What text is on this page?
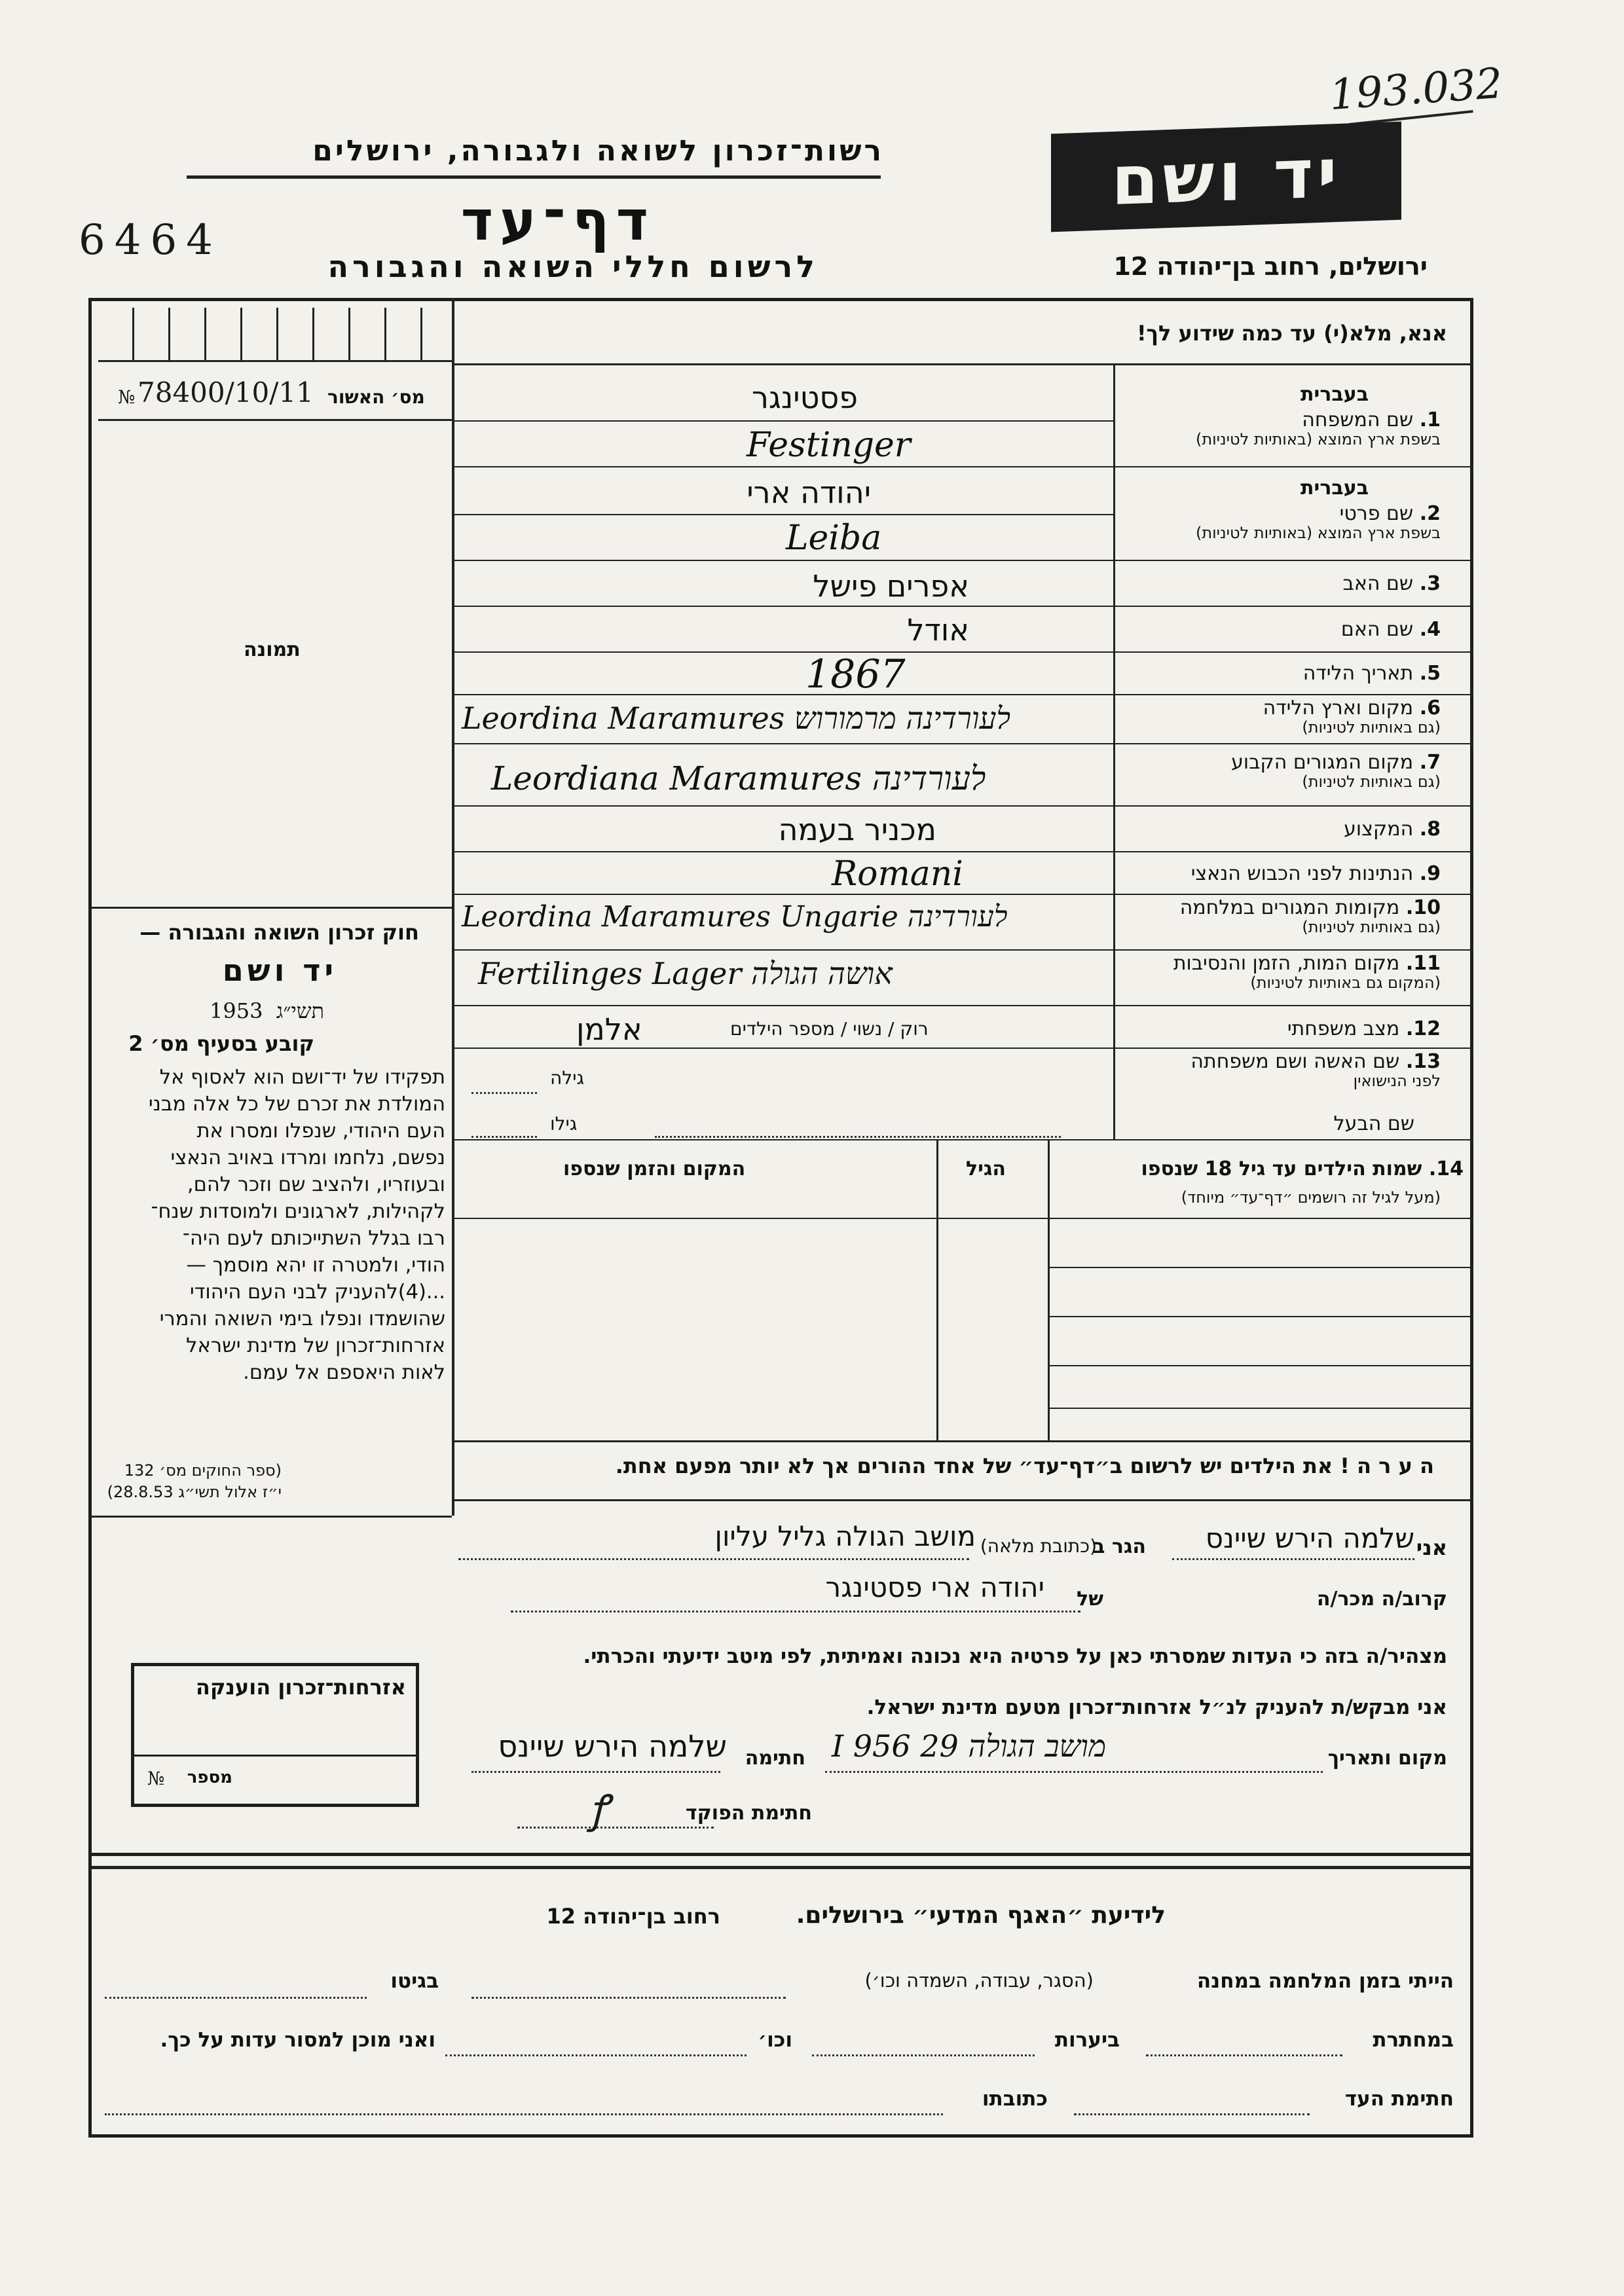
193.032
רשות־זכרון לשואה ולגבורה, ירושלים
דף־עד
6464
לרשום חללי השואה והגבורה
יד ושם
ירושלים, רחוב בן־יהודה 12
אנא, מלא(י) עד כמה שידוע לך!
מס׳ האשור
78400/10/11
№
תמונה
בעברית
1. שם המשפחה
בשפת ארץ המוצא (באותיות לטיניות)
בעברית
2. שם פרטי
בשפת ארץ המוצא (באותיות לטיניות)
3. שם האב
4. שם האם
5. תאריך הלידה
6. מקום וארץ הלידה
(גם באותיות לטיניות)
7. מקום המגורים הקבוע
(גם באותיות לטיניות)
8. המקצוע
9. הנתינות לפני הכבוש הנאצי
10. מקומות המגורים במלחמה
(גם באותיות לטיניות)
11. מקום המות, הזמן והנסיבות
(המקום גם באותיות לטיניות)
12. מצב משפחתי
13. שם האשה ושם משפחתה
לפני הנישואין
שם הבעל
פסטינגר
Festinger
יהודה ארי
Leiba
אפרים פישל
אודל
1867
Leordina Maramures לעורדינה מרמורוש
Leordiana Maramures לעורדינה
מכניר בעמה
Romani
Leordina Maramures Ungarie לעורדינה
Fertilinges Lager אושה הגולה
רוק / נשוי / מספר הילדים
אלמן
גילה
גילו
14. שמות הילדים עד גיל 18 שנספו
(מעל לגיל זה רושמים ״דף־עד״ מיוחד)
הגיל
המקום והזמן שנספו
ה ע ר ה ! את הילדים יש לרשום ב״דף־עד״ של אחד ההורים אך לא יותר מפעם אחת.
חוק זכרון השואה והגבורה —
יד ושם
תשי״ג  1953
קובע בסעיף מס׳ 2
תפקידו של יד־ושם הוא לאסוף אל
המולדת את זכרם של כל אלה מבני
העם היהודי, שנפלו ומסרו את
נפשם, נלחמו ומרדו באויב הנאצי
ובעוזריו, ולהציב שם וזכר להם,
לקהילות, לארגונים ולמוסדות שנח־
רבו בגלל השתייכותם לעם היה־
הודי, ולמטרה זו יהא מוסמך —
...(4)להעניק לבני העם היהודי
שהושמדו ונפלו בימי השואה והמרי
אזרחות־זכרון של מדינת ישראל
לאות היאספם אל עמם.
(ספר החוקים מס׳ 132
י״ז אלול תשי״ג 28.8.53)
אני
שלמה הירש שיינס
הגר ב
(כתובת מלאה)
מושב הגולה גליל עליון
קרוב/ה מכר/ה
של
יהודה ארי פסטינגר
מצהיר/ה בזה כי העדות שמסרתי כאן על פרטיה היא נכונה ואמיתית, לפי מיטב ידיעתי והכרתי.
אני מבקש/ת להעניק לנ״ל אזרחות־זכרון מטעם מדינת ישראל.
מקום ותאריך
מושב הגולה 29 I 956
חתימה
שלמה הירש שיינס
חתימת הפוקד
ꝭ
אזרחות־זכרון הוענקה
№ מספר
לידיעת ״האגף המדעי״ בירושלים.
רחוב בן־יהודה 12
הייתי בזמן המלחמה במחנה
(הסגר, עבודה, השמדה וכו׳)
בגיטו
במחתרת
ביערות
וכו׳
ואני מוכן למסור עדות על כך.
חתימת העד
כתובתו
